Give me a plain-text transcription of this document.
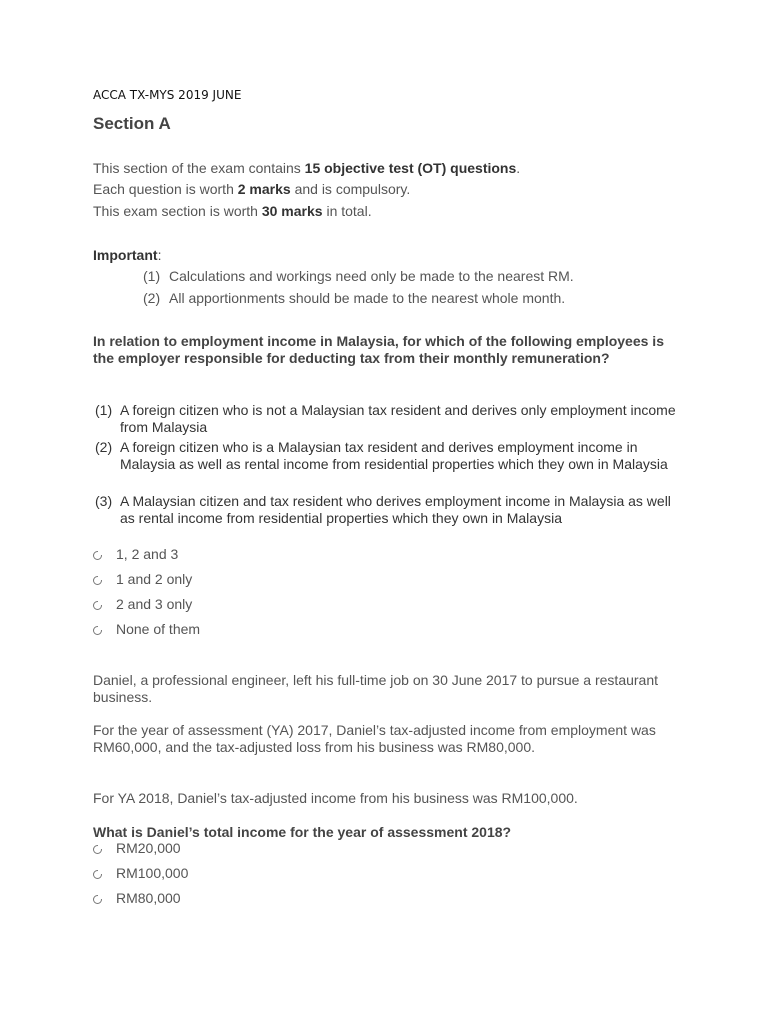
ACCA TX-MYS 2019 JUNE
Section A
This section of the exam contains 15 objective test (OT) questions.
Each question is worth 2 marks and is compulsory.
This exam section is worth 30 marks in total.
Important:
(1) Calculations and workings need only be made to the nearest RM.
(2) All apportionments should be made to the nearest whole month.
In relation to employment income in Malaysia, for which of the following employees is the employer responsible for deducting tax from their monthly remuneration?
(1) A foreign citizen who is not a Malaysian tax resident and derives only employment income from Malaysia
(2) A foreign citizen who is a Malaysian tax resident and derives employment income in Malaysia as well as rental income from residential properties which they own in Malaysia
(3) A Malaysian citizen and tax resident who derives employment income in Malaysia as well as rental income from residential properties which they own in Malaysia
1, 2 and 3
1 and 2 only
2 and 3 only
None of them
Daniel, a professional engineer, left his full-time job on 30 June 2017 to pursue a restaurant business.
For the year of assessment (YA) 2017, Daniel’s tax-adjusted income from employment was RM60,000, and the tax-adjusted loss from his business was RM80,000.
For YA 2018, Daniel’s tax-adjusted income from his business was RM100,000.
What is Daniel’s total income for the year of assessment 2018?
RM20,000
RM100,000
RM80,000
